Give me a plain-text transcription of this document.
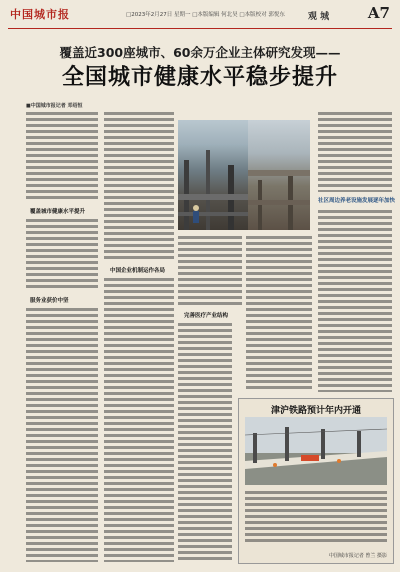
中国城市报	□2023年2月27日 星期一 □本版编辑 何北昊 □本版校对 郭悦东	观 城	A7
覆盖近300座城市、60余万企业主体研究发现——
全国城市健康水平稳步提升
■中国城市报记者 邓绍恒
覆盖城市健康水平提升
服务业获价中坚
中国企业机制运作各局
完善医疗产业结构
社区周边养老设施发展逐年加快
津沪铁路预计年内开通
中国城市报记者 曾兰 摄影
